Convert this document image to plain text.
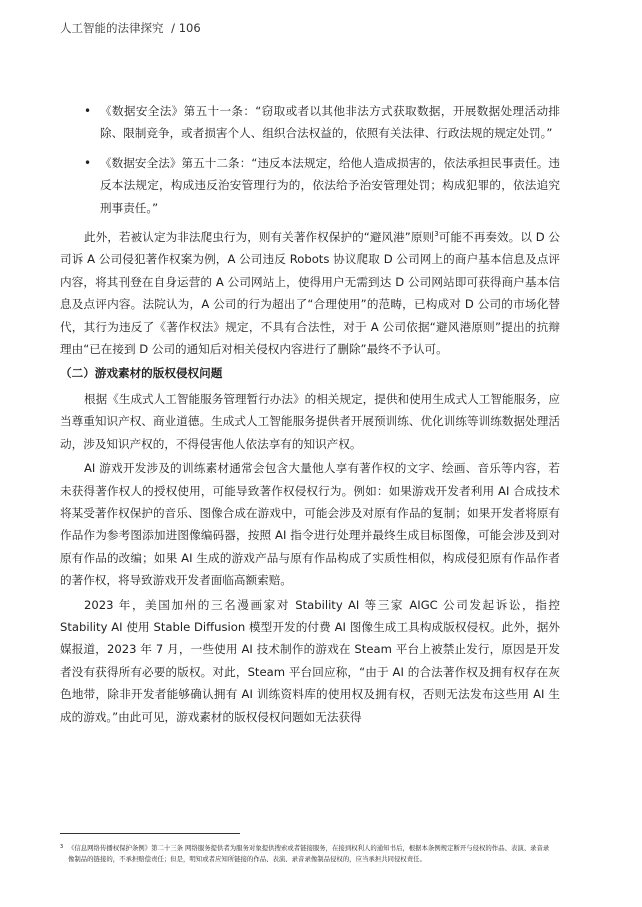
人工智能的法律探究 / 106
• 《数据安全法》第五十一条：“窃取或者以其他非法方式获取数据，开展数据处理活动排除、限制竞争，或者损害个人、组织合法权益的，依照有关法律、行政法规的规定处罚。”
• 《数据安全法》第五十二条：“违反本法规定，给他人造成损害的，依法承担民事责任。违反本法规定，构成违反治安管理行为的，依法给予治安管理处罚；构成犯罪的，依法追究刑事责任。”

此外，若被认定为非法爬虫行为，则有关著作权保护的“避风港”原则$^3$可能不再奏效。以 D 公司诉 A 公司侵犯著作权案为例，A 公司违反 Robots 协议爬取 D 公司网上的商户基本信息及点评内容，将其刊登在自身运营的 A 公司网站上，使得用户无需到达 D 公司网站即可获得商户基本信息及点评内容。法院认为，A 公司的行为超出了“合理使用”的范畴，已构成对 D 公司的市场化替代，其行为违反了《著作权法》规定，不具有合法性，对于 A 公司依据“避风港原则”提出的抗辩理由“已在接到 D 公司的通知后对相关侵权内容进行了删除”最终不予认可。

（二）游戏素材的版权侵权问题

根据《生成式人工智能服务管理暂行办法》的相关规定，提供和使用生成式人工智能服务，应当尊重知识产权、商业道德。生成式人工智能服务提供者开展预训练、优化训练等训练数据处理活动，涉及知识产权的，不得侵害他人依法享有的知识产权。

AI 游戏开发涉及的训练素材通常会包含大量他人享有著作权的文字、绘画、音乐等内容，若未获得著作权人的授权使用，可能导致著作权侵权行为。例如：如果游戏开发者利用 AI 合成技术将某受著作权保护的音乐、图像合成在游戏中，可能会涉及对原有作品的复制；如果开发者将原有作品作为参考图添加进图像编码器，按照 AI 指令进行处理并最终生成目标图像，可能会涉及到对原有作品的改编；如果 AI 生成的游戏产品与原有作品构成了实质性相似，构成侵犯原有作品作者的著作权，将导致游戏开发者面临高额索赔。

2023 年，美国加州的三名漫画家对 Stability AI 等三家 AIGC 公司发起诉讼，指控 Stability AI 使用 Stable Diffusion 模型开发的付费 AI 图像生成工具构成版权侵权。此外，据外媒报道，2023 年 7 月，一些使用 AI 技术制作的游戏在 Steam 平台上被禁止发行，原因是开发者没有获得所有必要的版权。对此，Steam 平台回应称，“由于 AI 的合法著作权及拥有权存在灰色地带，除非开发者能够确认拥有 AI 训练资料库的使用权及拥有权，否则无法发布这些用 AI 生成的游戏。”由此可见，游戏素材的版权侵权问题如无法获得

3 《信息网络传播权保护条例》第二十三条 网络服务提供者为服务对象提供搜索或者链接服务，在接到权利人的通知书后，根据本条例规定断开与侵权的作品、表演、录音录像制品的链接的，不承担赔偿责任；但是，明知或者应知所链接的作品、表演、录音录像制品侵权的，应当承担共同侵权责任。
